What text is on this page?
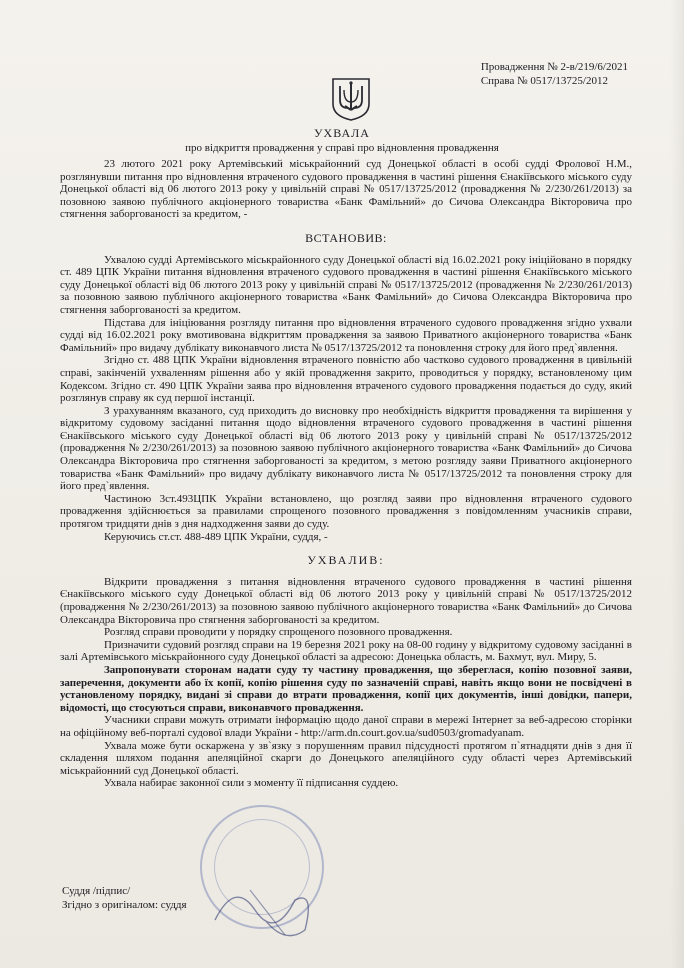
Провадження № 2-в/219/6/2021
Справа № 0517/13725/2012
УХВАЛА
про відкриття провадження у справі про відновлення провадження

23 лютого 2021 року Артемівський міськрайонний суд Донецької області в особі судді Фролової Н.М., розглянувши питання про відновлення втраченого судового провадження в частині рішення Єнакіївського міського суду Донецької області від 06 лютого 2013 року у цивільній справі № 0517/13725/2012 (провадження № 2/230/261/2013) за позовною заявою публічного акціонерного товариства «Банк Фамільний» до Сичова Олександра Вікторовича про стягнення заборгованості за кредитом, -

ВСТАНОВИВ:

Ухвалою судді Артемівського міськрайонного суду Донецької області від 16.02.2021 року ініційовано в порядку ст. 489 ЦПК України питання відновлення втраченого судового провадження в частині рішення Єнакіївського міського суду Донецької області від 06 лютого 2013 року у цивільній справі № 0517/13725/2012 (провадження № 2/230/261/2013) за позовною заявою публічного акціонерного товариства «Банк Фамільний» до Сичова Олександра Вікторовича про стягнення заборгованості за кредитом.

Підстава для ініціювання розгляду питання про відновлення втраченого судового провадження згідно ухвали судді від 16.02.2021 року вмотивована відкриттям провадження за заявою Приватного акціонерного товариства «Банк Фамільний» про видачу дублікату виконавчого листа № 0517/13725/2012 та поновлення строку для його пред`явлення.

Згідно ст. 488 ЦПК України відновлення втраченого повністю або частково судового провадження в цивільній справі, закінченій ухваленням рішення або у якій провадження закрито, проводиться у порядку, встановленому цим Кодексом. Згідно ст. 490 ЦПК України заява про відновлення втраченого судового провадження подається до суду, який розглянув справу як суд першої інстанції.

З урахуванням вказаного, суд приходить до висновку про необхідність відкриття провадження та вирішення у відкритому судовому засіданні питання щодо відновлення втраченого судового провадження в частині рішення Єнакіївського міського суду Донецької області від 06 лютого 2013 року у цивільній справі № 0517/13725/2012 (провадження № 2/230/261/2013) за позовною заявою публічного акціонерного товариства «Банк Фамільний» до Сичова Олександра Вікторовича про стягнення заборгованості за кредитом, з метою розгляду заяви Приватного акціонерного товариства «Банк Фамільний» про видачу дублікату виконавчого листа № 0517/13725/2012 та поновлення строку для його пред`явлення.

Частиною 3ст.493ЦПК України встановлено, що розгляд заяви про відновлення втраченого судового провадження здійснюється за правилами спрощеного позовного провадження з повідомленням учасників справи, протягом тридцяти днів з дня надходження заяви до суду.

Керуючись ст.ст. 488-489 ЦПК України, суддя, -

УХВАЛИВ:

Відкрити провадження з питання відновлення втраченого судового провадження в частині рішення Єнакіївського міського суду Донецької області від 06 лютого 2013 року у цивільній справі № 0517/13725/2012 (провадження № 2/230/261/2013) за позовною заявою публічного акціонерного товариства «Банк Фамільний» до Сичова Олександра Вікторовича про стягнення заборгованості за кредитом.

Розгляд справи проводити у порядку спрощеного позовного провадження.

Призначити судовий розгляд справи на 19 березня 2021 року на 08-00 годину у відкритому судовому засіданні в залі Артемівського міськрайонного суду Донецької області за адресою: Донецька область, м. Бахмут, вул. Миру, 5.

Запропонувати сторонам надати суду ту частину провадження, що збереглася, копію позовної заяви, заперечення, документи або їх копії, копію рішення суду по зазначеній справі, навіть якщо вони не посвідчені в установленому порядку, видані зі справи до втрати провадження, копії цих документів, інші довідки, папери, відомості, що стосуються справи, виконавчого провадження.

Учасники справи можуть отримати інформацію щодо даної справи в мережі Інтернет за веб-адресою сторінки на офіційному веб-порталі судової влади України - http://arm.dn.court.gov.ua/sud0503/gromadyanam.

Ухвала може бути оскаржена у зв`язку з порушенням правил підсудності протягом п`ятнадцяти днів з дня її складення шляхом подання апеляційної скарги до Донецького апеляційного суду області через Артемівський міськрайонний суд Донецької області.

Ухвала набирає законної сили з моменту її підписання суддею.

Суддя /підпис/
Згідно з оригіналом: суддя
